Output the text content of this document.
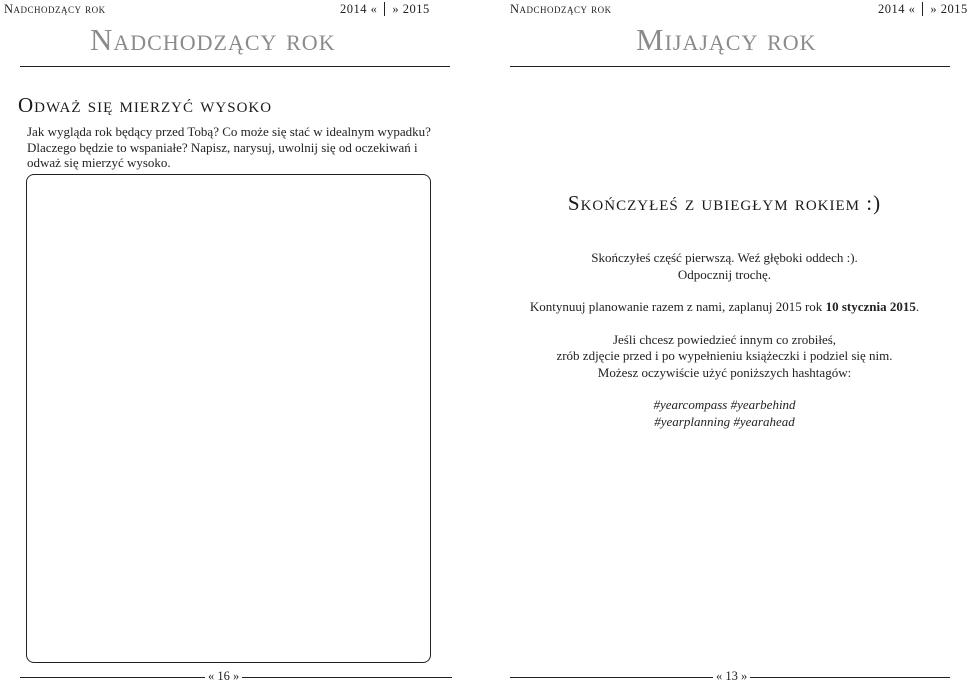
Nadchodzący rok	2014 « » 2015
Nadchodzący rok
Odważ się mierzyć wysoko

Jak wygląda rok będący przed Tobą? Co może się stać w idealnym wypadku?

Dlaczego będzie to wspaniałe? Napisz, narysuj, uwolnij się od oczekiwań i

odważ się mierzyć wysoko.

« 16 »
Nadchodzący rok	2014 « » 2015
Mijający rok
Skończyłeś z ubiegłym rokiem :)

Skończyłeś część pierwszą. Weź głęboki oddech :).

Odpocznij trochę.

Kontynuuj planowanie razem z nami, zaplanuj 2015 rok 10 stycznia 2015.

Jeśli chcesz powiedzieć innym co zrobiłeś,

zrób zdjęcie przed i po wypełnieniu książeczki i podziel się nim.

Możesz oczywiście użyć poniższych hashtagów:

#yearcompass #yearbehind

#yearplanning #yearahead

« 13 »
